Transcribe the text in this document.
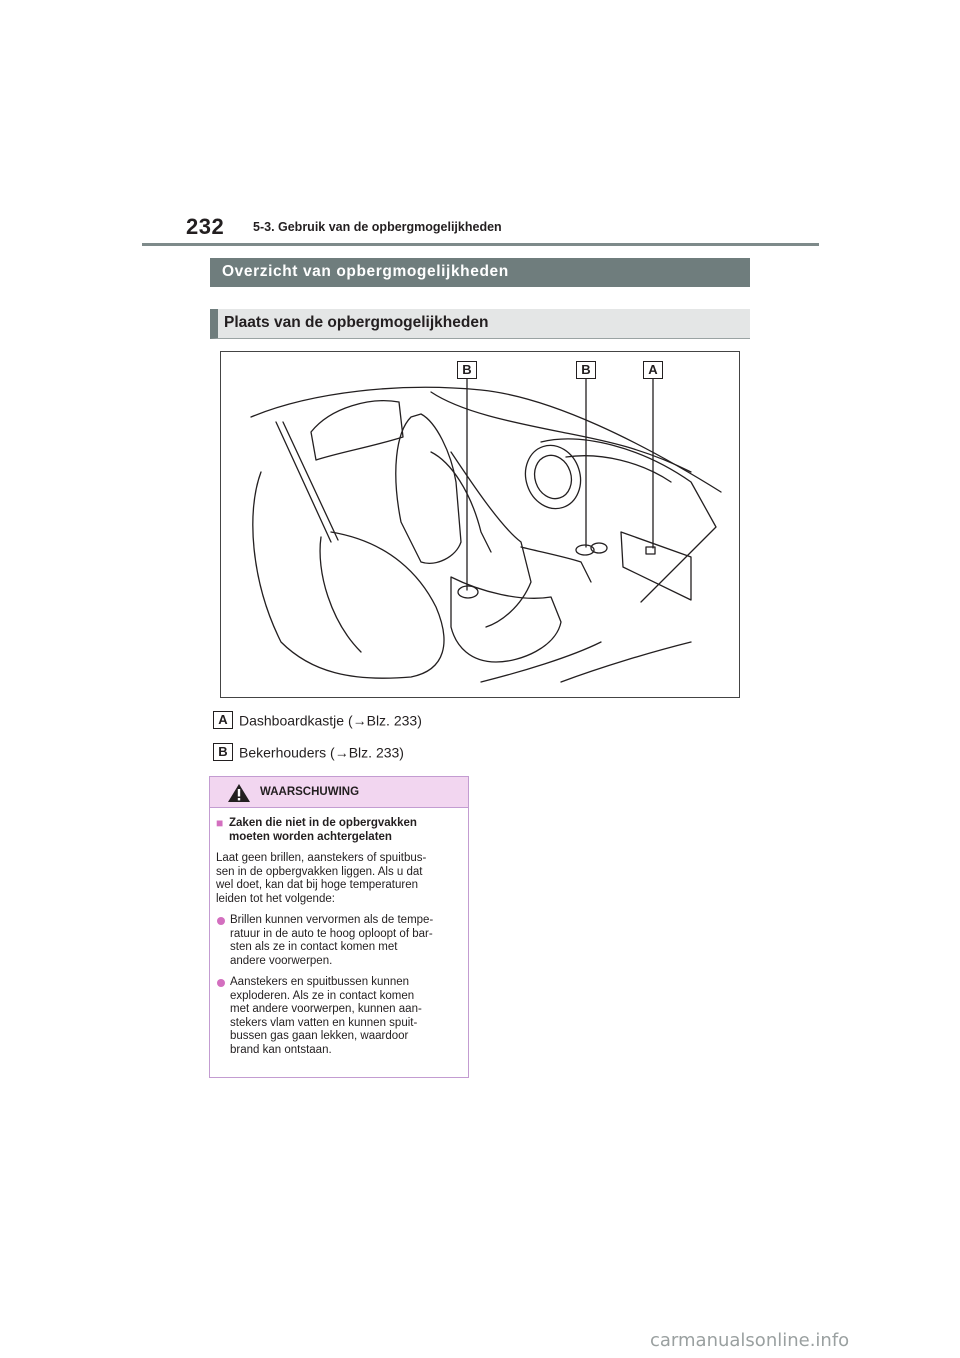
232 5-3. Gebruik van de opbergmogelijkheden
Overzicht van opbergmogelijkheden
Plaats van de opbergmogelijkheden
B	B	A
A Dashboardkastje (→Blz. 233)
B Bekerhouders (→Blz. 233)
WAARSCHUWING
■ Zaken die niet in de opbergvakken
moeten worden achtergelaten
Laat geen brillen, aanstekers of spuitbus-
sen in de opbergvakken liggen. Als u dat
wel doet, kan dat bij hoge temperaturen
leiden tot het volgende:
Brillen kunnen vervormen als de tempe-
ratuur in de auto te hoog oploopt of bar-
sten als ze in contact komen met
andere voorwerpen.
Aanstekers en spuitbussen kunnen
exploderen. Als ze in contact komen
met andere voorwerpen, kunnen aan-
stekers vlam vatten en kunnen spuit-
bussen gas gaan lekken, waardoor
brand kan ontstaan.
carmanualsonline.info
